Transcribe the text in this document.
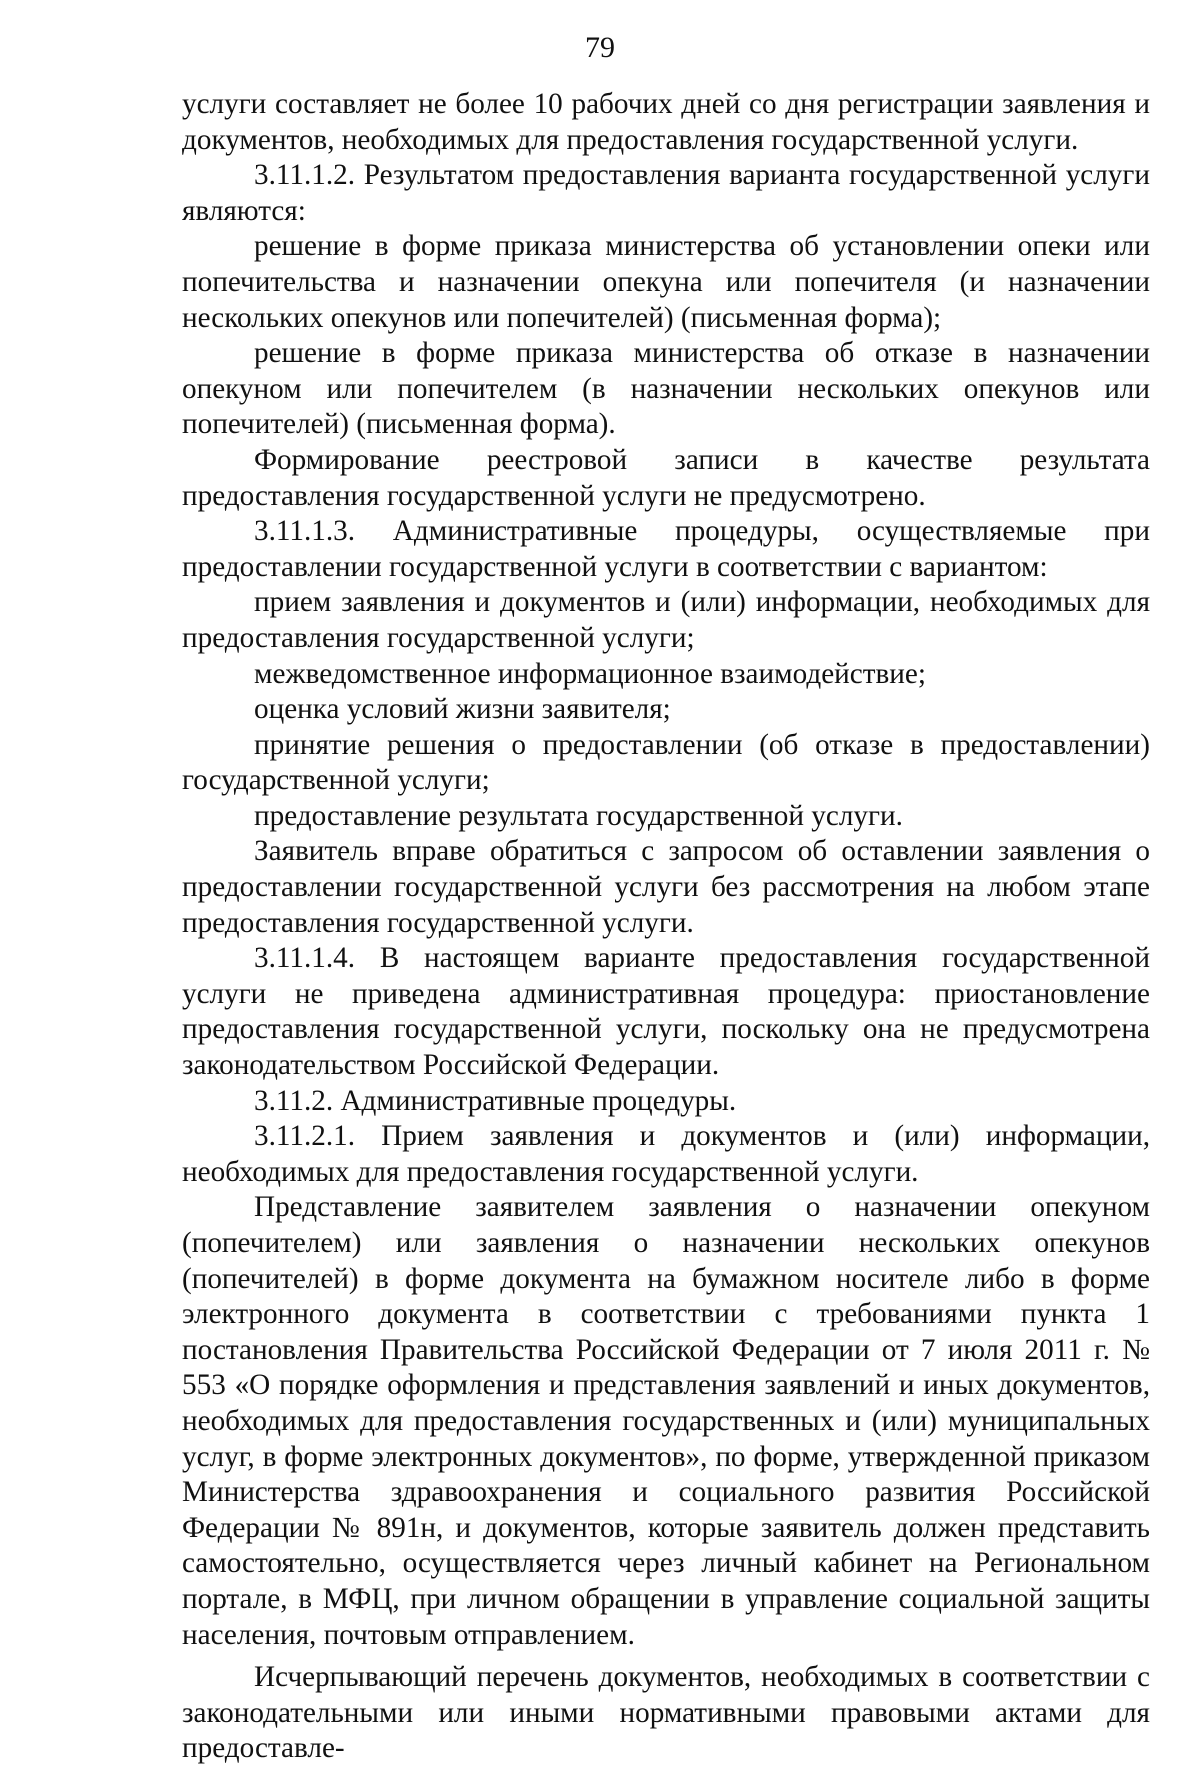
79

услуги составляет не более 10 рабочих дней со дня регистрации заявления и документов, необходимых для предоставления государственной услуги.

3.11.1.2. Результатом предоставления варианта государственной услуги являются:

решение в форме приказа министерства об установлении опеки или попечительства и назначении опекуна или попечителя (и назначении нескольких опекунов или попечителей) (письменная форма);

решение в форме приказа министерства об отказе в назначении опекуном или попечителем (в назначении нескольких опекунов или попечителей) (письменная форма).

Формирование реестровой записи в качестве результата предоставления государственной услуги не предусмотрено.

3.11.1.3. Административные процедуры, осуществляемые при предоставлении государственной услуги в соответствии с вариантом:

прием заявления и документов и (или) информации, необходимых для предоставления государственной услуги;

межведомственное информационное взаимодействие;

оценка условий жизни заявителя;

принятие решения о предоставлении (об отказе в предоставлении) государственной услуги;

предоставление результата государственной услуги.

Заявитель вправе обратиться с запросом об оставлении заявления о предоставлении государственной услуги без рассмотрения на любом этапе предоставления государственной услуги.

3.11.1.4. В настоящем варианте предоставления государственной услуги не приведена административная процедура: приостановление предоставления государственной услуги, поскольку она не предусмотрена законодательством Российской Федерации.

3.11.2. Административные процедуры.

3.11.2.1. Прием заявления и документов и (или) информации, необходимых для предоставления государственной услуги.

Представление заявителем заявления о назначении опекуном (попечителем) или заявления о назначении нескольких опекунов (попечителей) в форме документа на бумажном носителе либо в форме электронного документа в соответствии с требованиями пункта 1 постановления Правительства Российской Федерации от 7 июля 2011 г. № 553 «О порядке оформления и представления заявлений и иных документов, необходимых для предоставления государственных и (или) муниципальных услуг, в форме электронных документов», по форме, утвержденной приказом Министерства здравоохранения и социального развития Российской Федерации № 891н, и документов, которые заявитель должен представить самостоятельно, осуществляется через личный кабинет на Региональном портале, в МФЦ, при личном обращении в управление социальной защиты населения, почтовым отправлением.

Исчерпывающий перечень документов, необходимых в соответствии с законодательными или иными нормативными правовыми актами для предоставле-
